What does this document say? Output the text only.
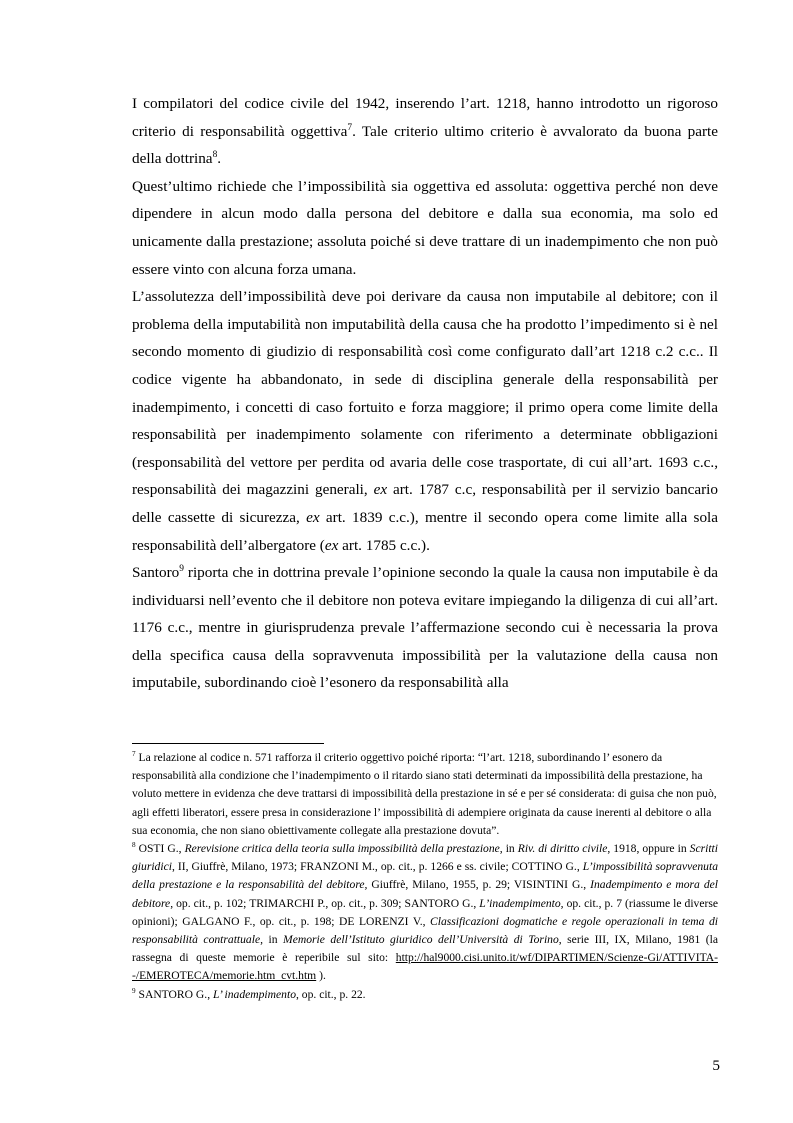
I compilatori del codice civile del 1942, inserendo l’art. 1218, hanno introdotto un rigoroso criterio di responsabilità oggettiva$^7$. Tale criterio ultimo criterio è avvalorato da buona parte della dottrina$^8$.

Quest’ultimo richiede che l’impossibilità sia oggettiva ed assoluta: oggettiva perché non deve dipendere in alcun modo dalla persona del debitore e dalla sua economia, ma solo ed unicamente dalla prestazione; assoluta poiché si deve trattare di un inadempimento che non può essere vinto con alcuna forza umana.

L’assolutezza dell’impossibilità deve poi derivare da causa non imputabile al debitore; con il problema della imputabilità non imputabilità della causa che ha prodotto l’impedimento si è nel secondo momento di giudizio di responsabilità così come configurato dall’art 1218 c.2 c.c.. Il codice vigente ha abbandonato, in sede di disciplina generale della responsabilità per inadempimento, i concetti di caso fortuito e forza maggiore; il primo opera come limite della responsabilità per inadempimento solamente con riferimento a determinate obbligazioni (responsabilità del vettore per perdita od avaria delle cose trasportate, di cui all’art. 1693 c.c., responsabilità dei magazzini generali, ex art. 1787 c.c, responsabilità per il servizio bancario delle cassette di sicurezza, ex art. 1839 c.c.), mentre il secondo opera come limite alla sola responsabilità dell’albergatore (ex art. 1785 c.c.).

Santoro$^9$ riporta che in dottrina prevale l’opinione secondo la quale la causa non imputabile è da individuarsi nell’evento che il debitore non poteva evitare impiegando la diligenza di cui all’art. 1176 c.c., mentre in giurisprudenza prevale l’affermazione secondo cui è necessaria la prova della specifica causa della sopravvenuta impossibilità per la valutazione della causa non imputabile, subordinando cioè l’esonero da responsabilità alla

$^7$ La relazione al codice n. 571 rafforza il criterio oggettivo poiché riporta: “l’art. 1218, subordinando l’ esonero da responsabilità alla condizione che l’inadempimento o il ritardo siano stati determinati da impossibilità della prestazione, ha voluto mettere in evidenza che deve trattarsi di impossibilità della prestazione in sé e per sé considerata: di guisa che non può, agli effetti liberatori, essere presa in considerazione l’ impossibilità di adempiere originata da cause inerenti al debitore o alla sua economia, che non siano obiettivamente collegate alla prestazione dovuta”.

$^8$ OSTI G., Rerevisione critica della teoria sulla impossibilità della prestazione, in Riv. di diritto civile, 1918, oppure in Scritti giuridici, II, Giuffrè, Milano, 1973; FRANZONI M., op. cit., p. 1266 e ss. civile; COTTINO G., L’impossibilità sopravvenuta della prestazione e la responsabilità del debitore, Giuffrè, Milano, 1955, p. 29; VISINTINI G., Inadempimento e mora del debitore, op. cit., p. 102; TRIMARCHI P., op. cit., p. 309; SANTORO G., L’inadempimento, op. cit., p. 7 (riassume le diverse opinioni); GALGANO F., op. cit., p. 198; DE LORENZI V., Classificazioni dogmatiche e regole operazionali in tema di responsabilità contrattuale, in Memorie dell’Istituto giuridico dell’Università di Torino, serie III, IX, Milano, 1981 (la rassegna di queste memorie è reperibile sul sito: http://hal9000.cisi.unito.it/wf/DIPARTIMEN/Scienze-Gi/ATTIVITA--/EMEROTECA/memorie.htm_cvt.htm ).

$^9$ SANTORO G., L’ inadempimento, op. cit., p. 22.

5
